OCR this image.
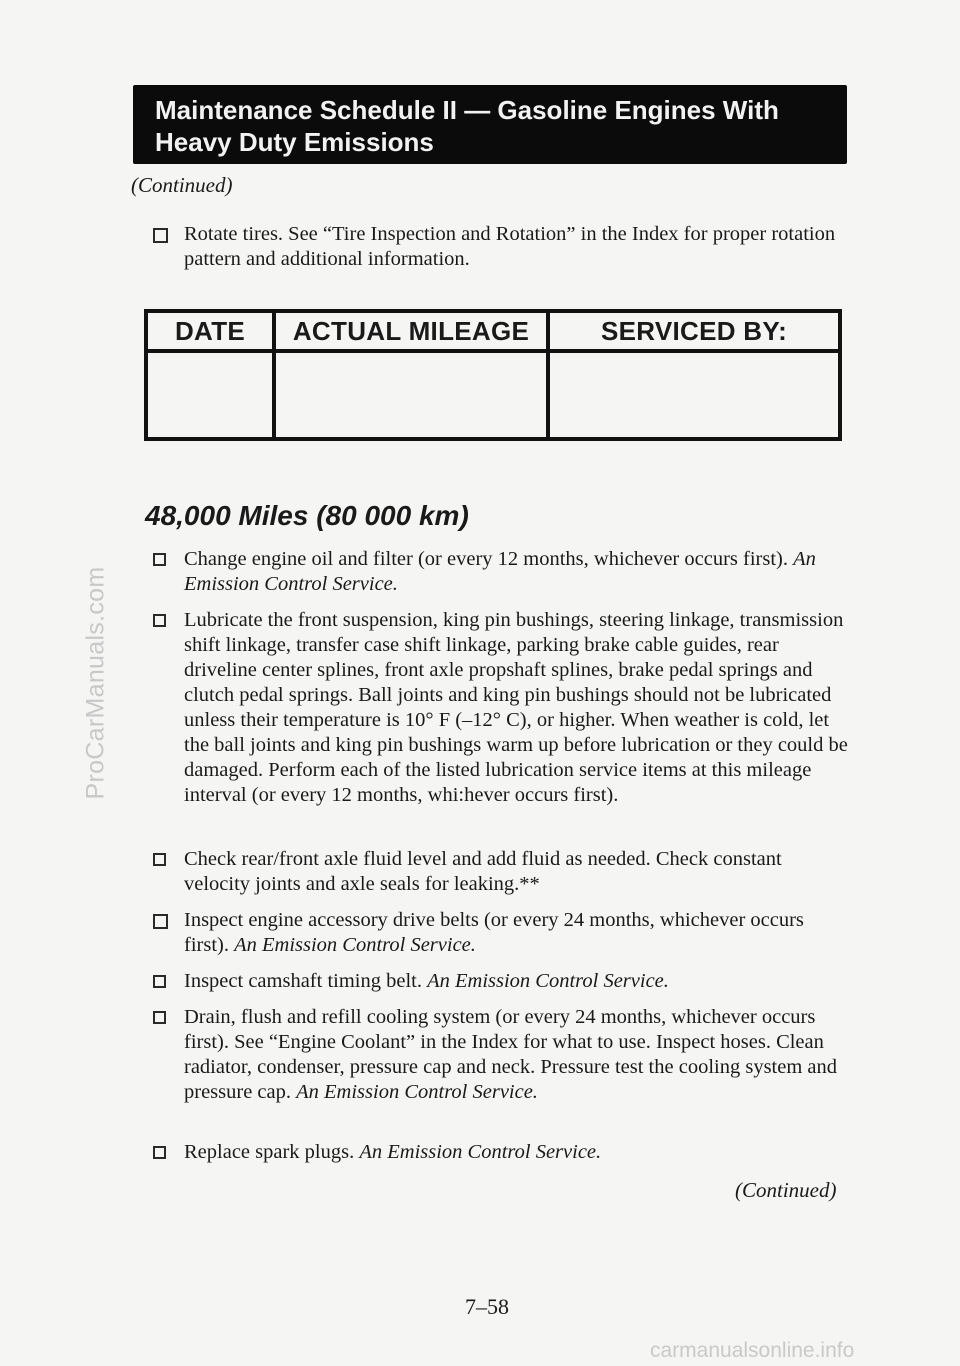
ProCarManuals.com
Maintenance Schedule II — Gasoline Engines With Heavy Duty Emissions
(Continued)
Rotate tires. See “Tire Inspection and Rotation” in the Index for proper rotation pattern and additional information.
DATE	ACTUAL MILEAGE	SERVICED BY:

48,000 Miles (80 000 km)
Change engine oil and filter (or every 12 months, whichever occurs first). An Emission Control Service.
Lubricate the front suspension, king pin bushings, steering linkage, transmission shift linkage, transfer case shift linkage, parking brake cable guides, rear driveline center splines, front axle propshaft splines, brake pedal springs and clutch pedal springs. Ball joints and king pin bushings should not be lubricated unless their temperature is 10° F (–12° C), or higher. When weather is cold, let the ball joints and king pin bushings warm up before lubrication or they could be damaged. Perform each of the listed lubrication service items at this mileage interval (or every 12 months, whi:hever occurs first).
Check rear/front axle fluid level and add fluid as needed. Check constant velocity joints and axle seals for leaking.**
Inspect engine accessory drive belts (or every 24 months, whichever occurs first). An Emission Control Service.
Inspect camshaft timing belt. An Emission Control Service.
Drain, flush and refill cooling system (or every 24 months, whichever occurs first). See “Engine Coolant” in the Index for what to use. Inspect hoses. Clean radiator, condenser, pressure cap and neck. Pressure test the cooling system and pressure cap. An Emission Control Service.
Replace spark plugs. An Emission Control Service.
(Continued)
7–58
carmanualsonline.info
